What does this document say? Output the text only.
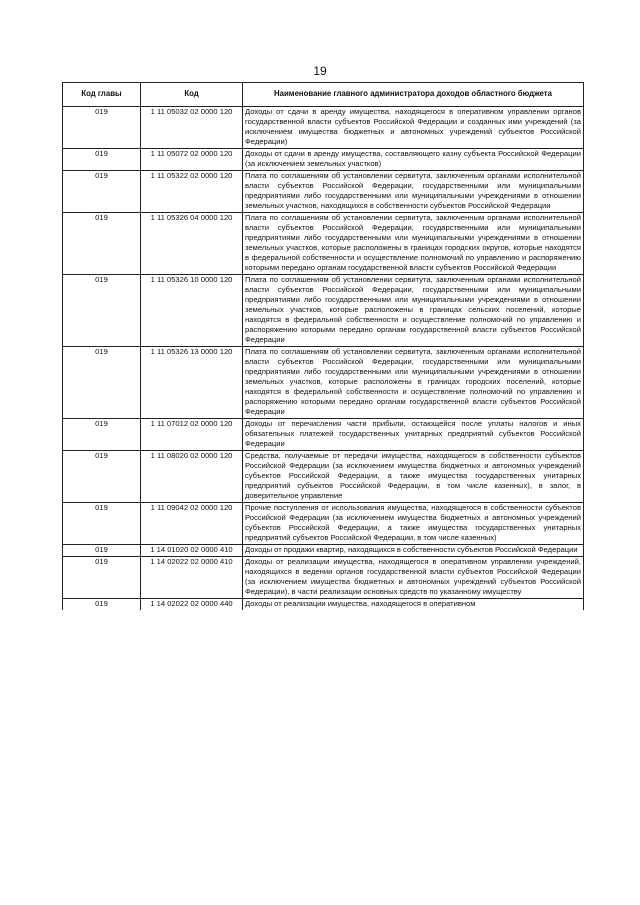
19
Код главы	Код	Наименование главного администратора доходов областного бюджета
019	1 11 05032 02 0000 120	Доходы от сдачи в аренду имущества, находящегося в оперативном управлении органов государственной власти субъектов Российской Федерации и созданных ими учреждений (за исключением имущества бюджетных и автономных учреждений субъектов Российской Федерации)
019	1 11 05072 02 0000 120	Доходы от сдачи в аренду имущества, составляющего казну субъекта Российской Федерации (за исключением земельных участков)
019	1 11 05322 02 0000 120	Плата по соглашениям об установлении сервитута, заключенным органами исполнительной власти субъектов Российской Федерации, государственными или муниципальными предприятиями либо государственными или муниципальными учреждениями в отношении земельных участков, находящихся в собственности субъектов Российской Федерации
019	1 11 05326 04 0000 120	Плата по соглашениям об установлении сервитута, заключенным органами исполнительной власти субъектов Российской Федерации, государственными или муниципальными предприятиями либо государственными или муниципальными учреждениями в отношении земельных участков, которые расположены в границах городских округов, которые находятся в федеральной собственности и осуществление полномочий по управлению и распоряжению которыми передано органам государственной власти субъектов Российской Федерации
019	1 11 05326 10 0000 120	Плата по соглашениям об установлении сервитута, заключенным органами исполнительной власти субъектов Российской Федерации, государственными или муниципальными предприятиями либо государственными или муниципальными учреждениями в отношении земельных участков, которые расположены в границах сельских поселений, которые находятся в федеральной собственности и осуществление полномочий по управлению и распоряжению которыми передано органам государственной власти субъектов Российской Федерации
019	1 11 05326 13 0000 120	Плата по соглашениям об установлении сервитута, заключенным органами исполнительной власти субъектов Российской Федерации, государственными или муниципальными предприятиями либо государственными или муниципальными учреждениями в отношении земельных участков, которые расположены в границах городских поселений, которые находятся в федеральной собственности и осуществление полномочий по управлению и распоряжению которыми передано органам государственной власти субъектов Российской Федерации
019	1 11 07012 02 0000 120	Доходы от перечисления части прибыли, остающейся после уплаты налогов и иных обязательных платежей государственных унитарных предприятий субъектов Российской Федерации
019	1 11 08020 02 0000 120	Средства, получаемые от передачи имущества, находящегося в собственности субъектов Российской Федерации (за исключением имущества бюджетных и автономных учреждений субъектов Российской Федерации, а также имущества государственных унитарных предприятий субъектов Российской Федерации, в том числе казенных), в залог, в доверительное управление
019	1 11 09042 02 0000 120	Прочие поступления от использования имущества, находящегося в собственности субъектов Российской Федерации (за исключением имущества бюджетных и автономных учреждений субъектов Российской Федерации, а также имущества государственных унитарных предприятий субъектов Российской Федерации, в том числе казенных)
019	1 14 01020 02 0000 410	Доходы от продажи квартир, находящихся в собственности субъектов Российской Федерации
019	1 14 02022 02 0000 410	Доходы от реализации имущества, находящегося в оперативном управлении учреждений, находящихся в ведении органов государственной власти субъектов Российской Федерации (за исключением имущества бюджетных и автономных учреждений субъектов Российской Федерации), в части реализации основных средств по указанному имуществу
019	1 14 02022 02 0000 440	Доходы от реализации имущества, находящегося в оперативном
